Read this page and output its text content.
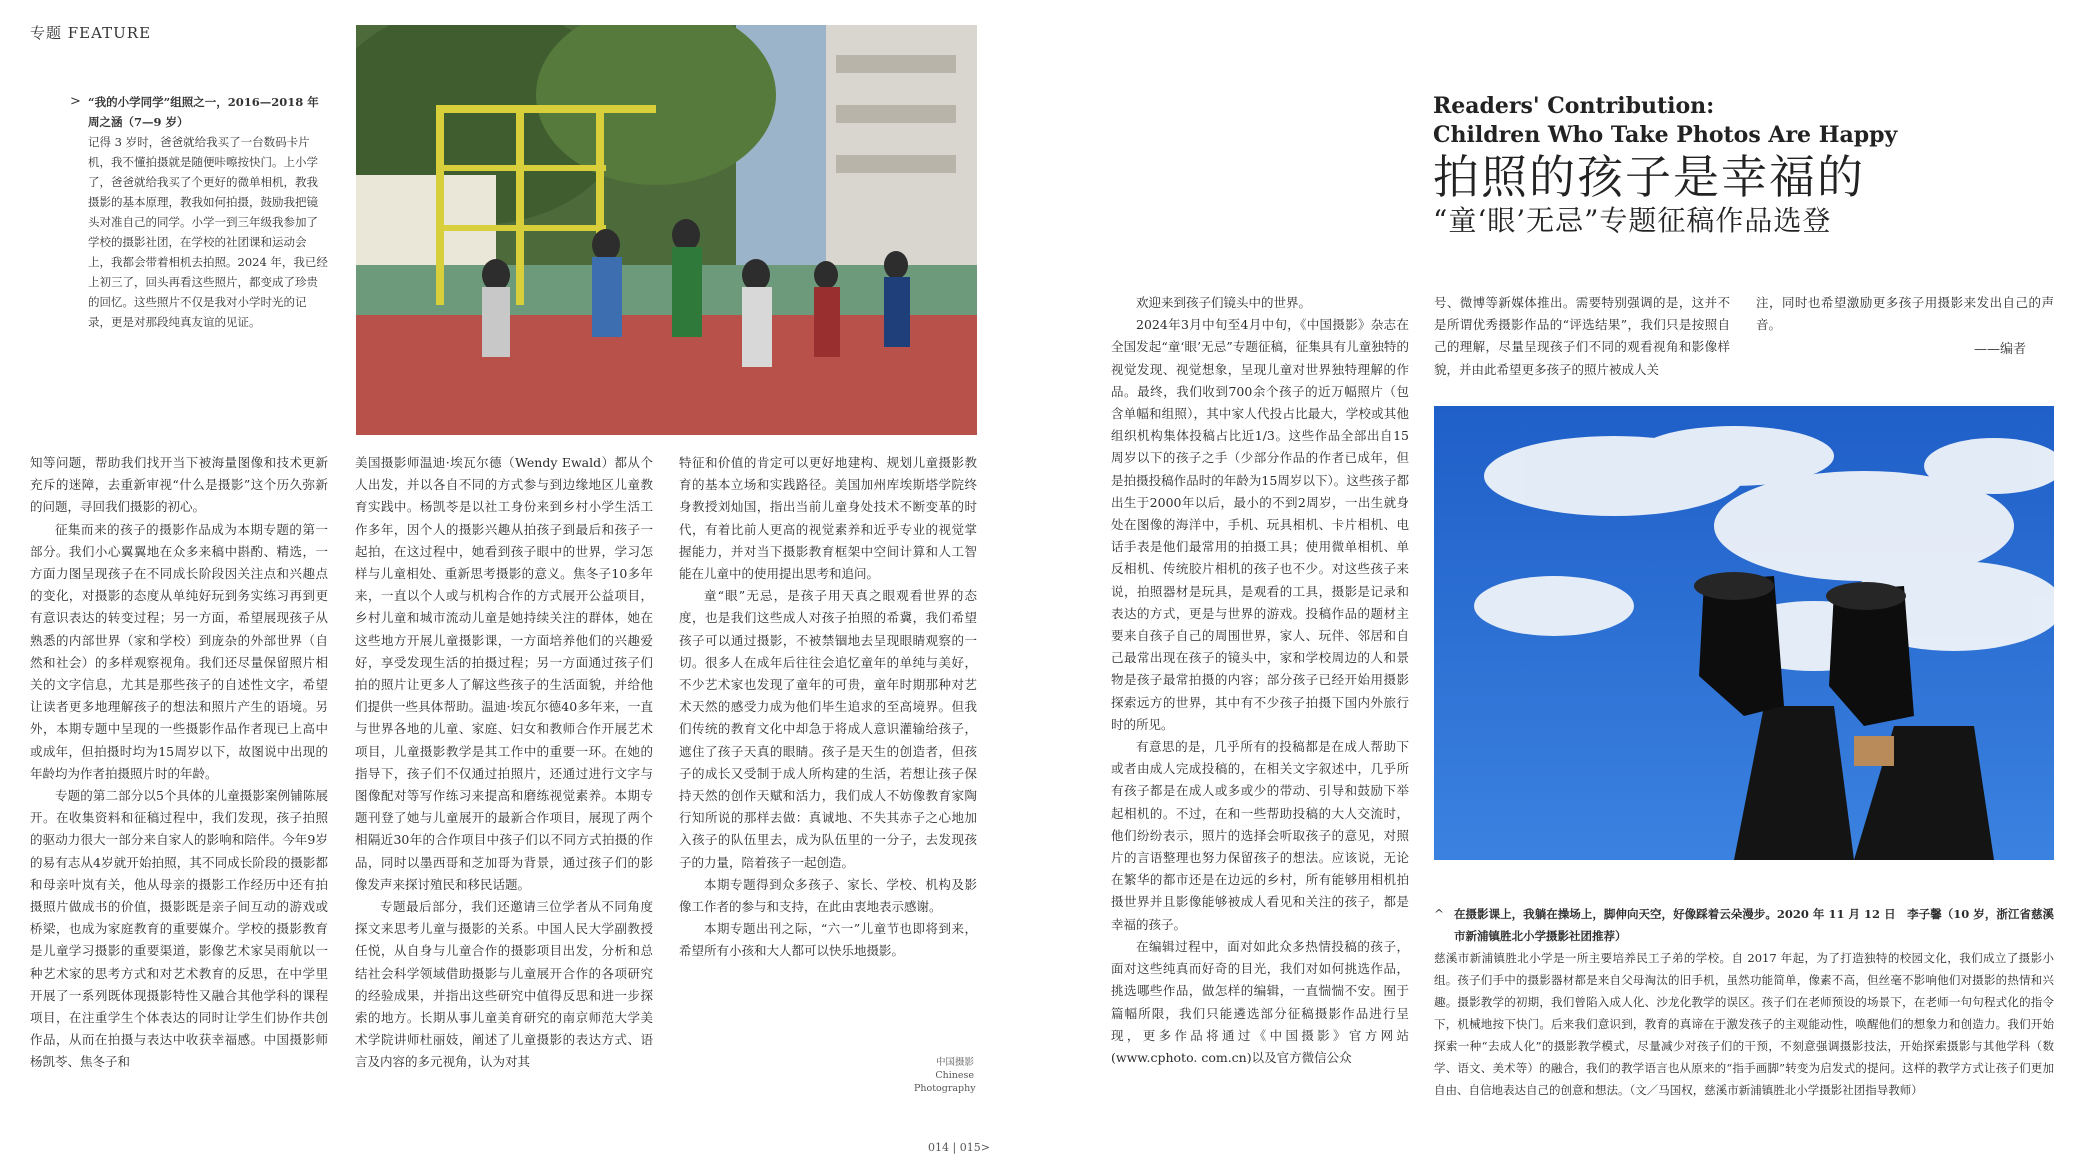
专题 FEATURE
> “我的小学同学”组照之一，2016—2018 年
周之涵（7—9 岁）
记得 3 岁时，爸爸就给我买了一台数码卡片机，我不懂拍摄就是随便咔嚓按快门。上小学了，爸爸就给我买了个更好的微单相机，教我摄影的基本原理，教我如何拍摄，鼓励我把镜头对准自己的同学。小学一到三年级我参加了学校的摄影社团，在学校的社团课和运动会上，我都会带着相机去拍照。2024 年，我已经上初三了，回头再看这些照片，都变成了珍贵的回忆。这些照片不仅是我对小学时光的记录，更是对那段纯真友谊的见证。

知等问题，帮助我们找开当下被海量图像和技术更新充斥的迷障，去重新审视“什么是摄影”这个历久弥新的问题，寻回我们摄影的初心。

征集而来的孩子的摄影作品成为本期专题的第一部分。我们小心翼翼地在众多来稿中斟酌、精选，一方面力图呈现孩子在不同成长阶段因关注点和兴趣点的变化，对摄影的态度从单纯好玩到务实练习再到更有意识表达的转变过程；另一方面，希望展现孩子从熟悉的内部世界（家和学校）到庞杂的外部世界（自然和社会）的多样观察视角。我们还尽量保留照片相关的文字信息，尤其是那些孩子的自述性文字，希望让读者更多地理解孩子的想法和照片产生的语境。另外，本期专题中呈现的一些摄影作品作者现已上高中或成年，但拍摄时均为15周岁以下，故图说中出现的年龄均为作者拍摄照片时的年龄。

专题的第二部分以5个具体的儿童摄影案例铺陈展开。在收集资料和征稿过程中，我们发现，孩子拍照的驱动力很大一部分来自家人的影响和陪伴。今年9岁的易有志从4岁就开始拍照，其不同成长阶段的摄影都和母亲叶岚有关，他从母亲的摄影工作经历中还有拍摄照片做成书的价值，摄影既是亲子间互动的游戏或桥梁，也成为家庭教育的重要媒介。学校的摄影教育是儿童学习摄影的重要渠道，影像艺术家吴雨航以一种艺术家的思考方式和对艺术教育的反思，在中学里开展了一系列既体现摄影特性又融合其他学科的课程项目，在注重学生个体表达的同时让学生们协作共创作品，从而在拍摄与表达中收获幸福感。中国摄影师杨凯苓、焦冬子和

美国摄影师温迪·埃瓦尔德（Wendy Ewald）都从个人出发，并以各自不同的方式参与到边缘地区儿童教育实践中。杨凯苓是以社工身份来到乡村小学生活工作多年，因个人的摄影兴趣从拍孩子到最后和孩子一起拍，在这过程中，她看到孩子眼中的世界，学习怎样与儿童相处、重新思考摄影的意义。焦冬子10多年来，一直以个人或与机构合作的方式展开公益项目，乡村儿童和城市流动儿童是她持续关注的群体，她在这些地方开展儿童摄影课，一方面培养他们的兴趣爱好，享受发现生活的拍摄过程；另一方面通过孩子们拍的照片让更多人了解这些孩子的生活面貌，并给他们提供一些具体帮助。温迪·埃瓦尔德40多年来，一直与世界各地的儿童、家庭、妇女和教师合作开展艺术项目，儿童摄影教学是其工作中的重要一环。在她的指导下，孩子们不仅通过拍照片，还通过进行文字与图像配对等写作练习来提高和磨练视觉素养。本期专题刊登了她与儿童展开的最新合作项目，展现了两个相隔近30年的合作项目中孩子们以不同方式拍摄的作品，同时以墨西哥和芝加哥为背景，通过孩子们的影像发声来探讨殖民和移民话题。

专题最后部分，我们还邀请三位学者从不同角度探文来思考儿童与摄影的关系。中国人民大学副教授任悦，从自身与儿童合作的摄影项目出发，分析和总结社会科学领域借助摄影与儿童展开合作的各项研究的经验成果，并指出这些研究中值得反思和进一步探索的地方。长期从事儿童美育研究的南京师范大学美术学院讲师杜丽妓，阐述了儿童摄影的表达方式、语言及内容的多元视角，认为对其

特征和价值的肯定可以更好地建构、规划儿童摄影教育的基本立场和实践路径。美国加州库埃斯塔学院终身教授刘灿国，指出当前儿童身处技术不断变革的时代，有着比前人更高的视觉素养和近乎专业的视觉掌握能力，并对当下摄影教育框架中空间计算和人工智能在儿童中的使用提出思考和追问。

童“眼”无忌，是孩子用天真之眼观看世界的态度，也是我们这些成人对孩子拍照的希冀，我们希望孩子可以通过摄影，不被禁锢地去呈现眼睛观察的一切。很多人在成年后往往会追忆童年的单纯与美好，不少艺术家也发现了童年的可贵，童年时期那种对艺术天然的感受力成为他们毕生追求的至高境界。但我们传统的教育文化中却急于将成人意识灌输给孩子，遮住了孩子天真的眼睛。孩子是天生的创造者，但孩子的成长又受制于成人所构建的生活，若想让孩子保持天然的创作天赋和活力，我们成人不妨像教育家陶行知所说的那样去做：真诚地、不失其赤子之心地加入孩子的队伍里去，成为队伍里的一分子，去发现孩子的力量，陪着孩子一起创造。

本期专题得到众多孩子、家长、学校、机构及影像工作者的参与和支持，在此由衷地表示感谢。

本期专题出刊之际，“六一”儿童节也即将到来，希望所有小孩和大人都可以快乐地摄影。

中国摄影
Chinese
Photography
014 | 015>
Readers' Contribution:
Children Who Take Photos Are Happy
拍照的孩子是幸福的
“童‘眼’无忌”专题征稿作品选登

欢迎来到孩子们镜头中的世界。

2024年3月中旬至4月中旬，《中国摄影》杂志在全国发起“童‘眼’无忌”专题征稿，征集具有儿童独特的视觉发现、视觉想象，呈现儿童对世界独特理解的作品。最终，我们收到700余个孩子的近万幅照片（包含单幅和组照），其中家人代投占比最大，学校或其他组织机构集体投稿占比近1/3。这些作品全部出自15周岁以下的孩子之手（少部分作品的作者已成年，但是拍摄投稿作品时的年龄为15周岁以下）。这些孩子都出生于2000年以后，最小的不到2周岁，一出生就身处在图像的海洋中，手机、玩具相机、卡片相机、电话手表是他们最常用的拍摄工具；使用微单相机、单反相机、传统胶片相机的孩子也不少。对这些孩子来说，拍照器材是玩具，是观看的工具，摄影是记录和表达的方式，更是与世界的游戏。投稿作品的题材主要来自孩子自己的周围世界，家人、玩伴、邻居和自己最常出现在孩子的镜头中，家和学校周边的人和景物是孩子最常拍摄的内容；部分孩子已经开始用摄影探索远方的世界，其中有不少孩子拍摄下国内外旅行时的所见。

有意思的是，几乎所有的投稿都是在成人帮助下或者由成人完成投稿的，在相关文字叙述中，几乎所有孩子都是在成人或多或少的带动、引导和鼓励下举起相机的。不过，在和一些帮助投稿的大人交流时，他们纷纷表示，照片的选择会听取孩子的意见，对照片的言语整理也努力保留孩子的想法。应该说，无论在繁华的都市还是在边远的乡村，所有能够用相机拍摄世界并且影像能够被成人看见和关注的孩子，都是幸福的孩子。

在编辑过程中，面对如此众多热情投稿的孩子，面对这些纯真而好奇的目光，我们对如何挑选作品，挑选哪些作品，做怎样的编辑，一直惴惴不安。囿于篇幅所限，我们只能遴选部分征稿摄影作品进行呈现，更多作品将通过《中国摄影》官方网站(www.cphoto. com.cn)以及官方微信公众

号、微博等新媒体推出。需要特别强调的是，这并不是所谓优秀摄影作品的“评选结果”，我们只是按照自己的理解，尽量呈现孩子们不同的观看视角和影像样貌，并由此希望更多孩子的照片被成人关

注，同时也希望激励更多孩子用摄影来发出自己的声音。

——编者
^ 在摄影课上，我躺在操场上，脚伸向天空，好像踩着云朵漫步。2020 年 11 月 12 日　李子馨（10 岁，浙江省慈溪市新浦镇胜北小学摄影社团推荐）
慈溪市新浦镇胜北小学是一所主要培养民工子弟的学校。自 2017 年起，为了打造独特的校园文化，我们成立了摄影小组。孩子们手中的摄影器材都是来自父母淘汰的旧手机，虽然功能简单，像素不高，但丝毫不影响他们对摄影的热情和兴趣。摄影教学的初期，我们曾陷入成人化、沙龙化教学的误区。孩子们在老师预设的场景下，在老师一句句程式化的指令下，机械地按下快门。后来我们意识到，教育的真谛在于激发孩子的主观能动性，唤醒他们的想象力和创造力。我们开始探索一种“去成人化”的摄影教学模式，尽量减少对孩子们的干预，不刻意强调摄影技法，开始探索摄影与其他学科（数学、语文、美术等）的融合，我们的教学语言也从原来的“指手画脚”转变为启发式的提问。这样的教学方式让孩子们更加自由、自信地表达自己的创意和想法。（文／马国权，慈溪市新浦镇胜北小学摄影社团指导教师）
